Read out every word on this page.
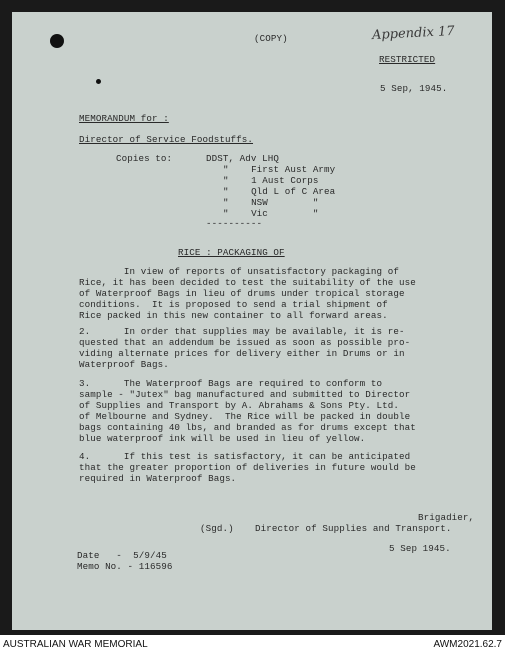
(COPY)	Appendix 17
RESTRICTED
5 Sep, 1945.
MEMORANDUM for :
Director of Service Foodstuffs.
Copies to:	DDST, Adv LHQ
"    First Aust Army
"    1 Aust Corps
"    Qld L of C Area
"    NSW        "
"    Vic        "
----------
RICE : PACKAGING OF
In view of reports of unsatisfactory packaging of
Rice, it has been decided to test the suitability of the use
of Waterproof Bags in lieu of drums under tropical storage
conditions.  It is proposed to send a trial shipment of
Rice packed in this new container to all forward areas.
2.      In order that supplies may be available, it is re-
quested that an addendum be issued as soon as possible pro-
viding alternate prices for delivery either in Drums or in
Waterproof Bags.
3.      The Waterproof Bags are required to conform to
sample - "Jutex" bag manufactured and submitted to Director
of Supplies and Transport by A. Abrahams & Sons Pty. Ltd.
of Melbourne and Sydney.  The Rice will be packed in double
bags containing 40 lbs, and branded as for drums except that
blue waterproof ink will be used in lieu of yellow.
4.      If this test is satisfactory, it can be anticipated
that the greater proportion of deliveries in future would be
required in Waterproof Bags.
Brigadier,
(Sgd.) Director of Supplies and Transport.
5 Sep 1945.
Date   -  5/9/45
Memo No. - 116596
AUSTRALIAN WAR MEMORIAL	AWM2021.62.7
